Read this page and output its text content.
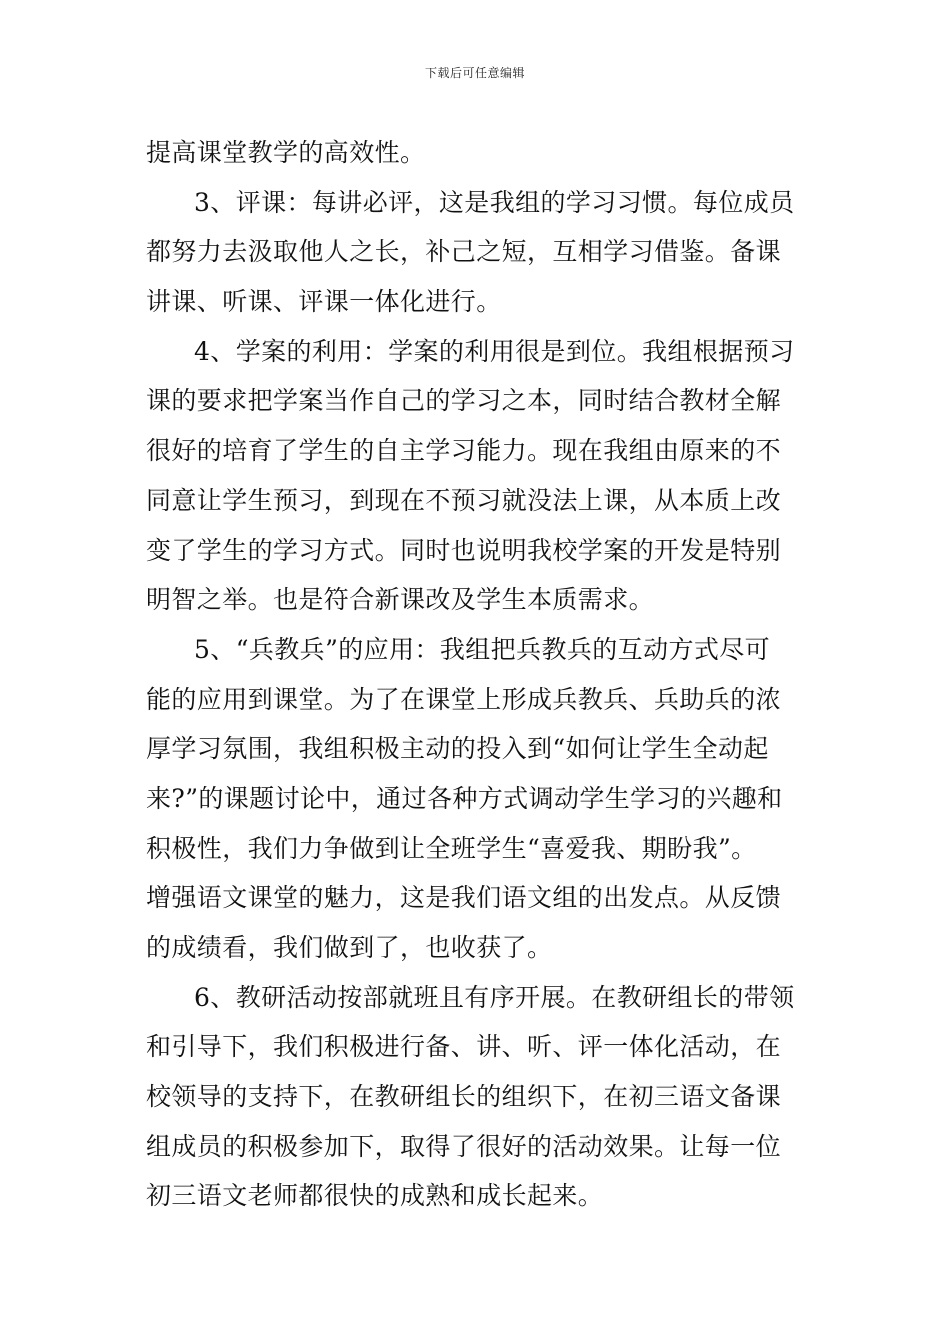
下载后可任意编辑
提高课堂教学的高效性。
3、评课：每讲必评，这是我组的学习习惯。每位成员
都努力去汲取他人之长，补己之短，互相学习借鉴。备课
讲课、听课、评课一体化进行。
4、学案的利用：学案的利用很是到位。我组根据预习
课的要求把学案当作自己的学习之本，同时结合教材全解
很好的培育了学生的自主学习能力。现在我组由原来的不
同意让学生预习，到现在不预习就没法上课，从本质上改
变了学生的学习方式。同时也说明我校学案的开发是特别
明智之举。也是符合新课改及学生本质需求。
5、“兵教兵”的应用：我组把兵教兵的互动方式尽可
能的应用到课堂。为了在课堂上形成兵教兵、兵助兵的浓
厚学习氛围，我组积极主动的投入到“如何让学生全动起
来?”的课题讨论中，通过各种方式调动学生学习的兴趣和
积极性，我们力争做到让全班学生“喜爱我、期盼我”。
增强语文课堂的魅力，这是我们语文组的出发点。从反馈
的成绩看，我们做到了，也收获了。
6、教研活动按部就班且有序开展。在教研组长的带领
和引导下，我们积极进行备、讲、听、评一体化活动，在
校领导的支持下，在教研组长的组织下，在初三语文备课
组成员的积极参加下，取得了很好的活动效果。让每一位
初三语文老师都很快的成熟和成长起来。
